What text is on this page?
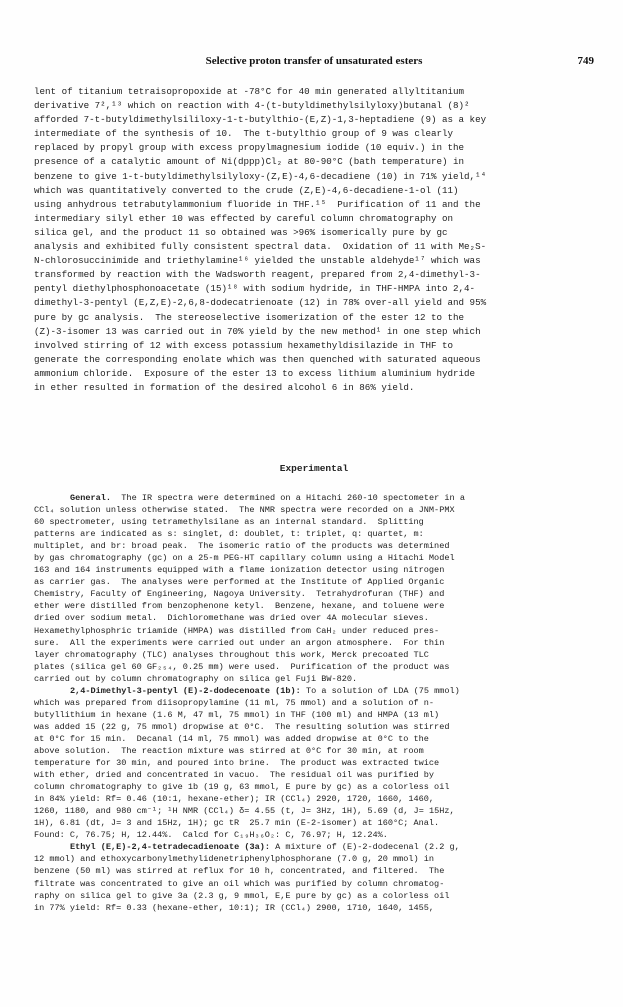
Selective proton transfer of unsaturated esters	749
lent of titanium tetraisopropoxide at -78°C for 40 min generated allyltitanium
derivative 7²,¹³ which on reaction with 4-(t-butyldimethylsilyloxy)butanal (8)²
afforded 7-t-butyldimethylsililoxy-1-t-butylthio-(E,Z)-1,3-heptadiene (9) as a key
intermediate of the synthesis of 10.  The t-butylthio group of 9 was clearly
replaced by propyl group with excess propylmagnesium iodide (10 equiv.) in the
presence of a catalytic amount of Ni(dppp)Cl₂ at 80-90°C (bath temperature) in
benzene to give 1-t-butyldimethylsilyloxy-(Z,E)-4,6-decadiene (10) in 71% yield,¹⁴
which was quantitatively converted to the crude (Z,E)-4,6-decadiene-1-ol (11)
using anhydrous tetrabutylammonium fluoride in THF.¹⁵  Purification of 11 and the
intermediary silyl ether 10 was effected by careful column chromatography on
silica gel, and the product 11 so obtained was >96% isomerically pure by gc
analysis and exhibited fully consistent spectral data.  Oxidation of 11 with Me₂S-
N-chlorosuccinimide and triethylamine¹⁶ yielded the unstable aldehyde¹⁷ which was
transformed by reaction with the Wadsworth reagent, prepared from 2,4-dimethyl-3-
pentyl diethylphosphonoacetate (15)¹⁸ with sodium hydride, in THF-HMPA into 2,4-
dimethyl-3-pentyl (E,Z,E)-2,6,8-dodecatrienoate (12) in 78% over-all yield and 95%
pure by gc analysis.  The stereoselective isomerization of the ester 12 to the
(Z)-3-isomer 13 was carried out in 70% yield by the new method¹ in one step which
involved stirring of 12 with excess potassium hexamethyldisilazide in THF to
generate the corresponding enolate which was then quenched with saturated aqueous
ammonium chloride.  Exposure of the ester 13 to excess lithium aluminium hydride
in ether resulted in formation of the desired alcohol 6 in 86% yield.
Experimental
General.  The IR spectra were determined on a Hitachi 260-10 spectometer in a
CCl₄ solution unless otherwise stated.  The NMR spectra were recorded on a JNM-PMX
60 spectrometer, using tetramethylsilane as an internal standard.  Splitting
patterns are indicated as s: singlet, d: doublet, t: triplet, q: quartet, m:
multiplet, and br: broad peak.  The isomeric ratio of the products was determined
by gas chromatography (gc) on a 25-m PEG-HT capillary column using a Hitachi Model
163 and 164 instruments equipped with a flame ionization detector using nitrogen
as carrier gas.  The analyses were performed at the Institute of Applied Organic
Chemistry, Faculty of Engineering, Nagoya University.  Tetrahydrofuran (THF) and
ether were distilled from benzophenone ketyl.  Benzene, hexane, and toluene were
dried over sodium metal.  Dichloromethane was dried over 4A molecular sieves.
Hexamethylphosphric triamide (HMPA) was distilled from CaH₂ under reduced pres-
sure.  All the experiments were carried out under an argon atmosphere.  For thin
layer chromatography (TLC) analyses throughout this work, Merck precoated TLC
plates (silica gel 60 GF₂₅₄, 0.25 mm) were used.  Purification of the product was
carried out by column chromatography on silica gel Fuji BW-820.
2,4-Dimethyl-3-pentyl (E)-2-dodecenoate (1b): To a solution of LDA (75 mmol)
which was prepared from diisopropylamine (11 ml, 75 mmol) and a solution of n-
butyllithium in hexane (1.6 M, 47 ml, 75 mmol) in THF (100 ml) and HMPA (13 ml)
was added 15 (22 g, 75 mmol) dropwise at 0°C.  The resulting solution was stirred
at 0°C for 15 min.  Decanal (14 ml, 75 mmol) was added dropwise at 0°C to the
above solution.  The reaction mixture was stirred at 0°C for 30 min, at room
temperature for 30 min, and poured into brine.  The product was extracted twice
with ether, dried and concentrated in vacuo.  The residual oil was purified by
column chromatography to give 1b (19 g, 63 mmol, E pure by gc) as a colorless oil
in 84% yield: Rf= 0.46 (10:1, hexane-ether); IR (CCl₄) 2920, 1720, 1660, 1460,
1260, 1180, and 980 cm⁻¹; ¹H NMR (CCl₄) δ= 4.55 (t, J= 3Hz, 1H), 5.69 (d, J= 15Hz,
1H), 6.81 (dt, J= 3 and 15Hz, 1H); gc tR  25.7 min (E-2-isomer) at 160°C; Anal.
Found: C, 76.75; H, 12.44%.  Calcd for C₁₉H₃₆O₂: C, 76.97; H, 12.24%.
Ethyl (E,E)-2,4-tetradecadienoate (3a): A mixture of (E)-2-dodecenal (2.2 g,
12 mmol) and ethoxycarbonylmethylidenetriphenylphosphorane (7.0 g, 20 mmol) in
benzene (50 ml) was stirred at reflux for 10 h, concentrated, and filtered.  The
filtrate was concentrated to give an oil which was purified by column chromatog-
raphy on silica gel to give 3a (2.3 g, 9 mmol, E,E pure by gc) as a colorless oil
in 77% yield: Rf= 0.33 (hexane-ether, 10:1); IR (CCl₄) 2900, 1710, 1640, 1455,
